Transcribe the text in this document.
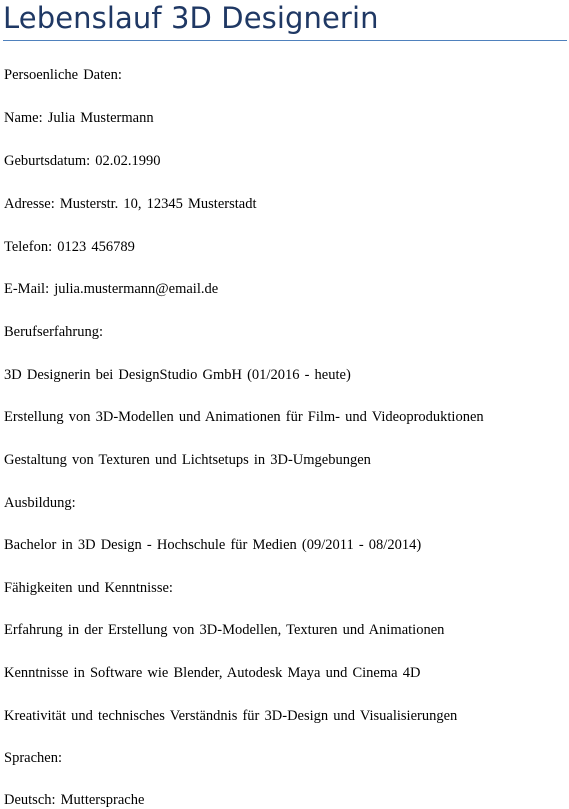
Lebenslauf 3D Designerin

Persoenliche Daten:

Name: Julia Mustermann

Geburtsdatum: 02.02.1990

Adresse: Musterstr. 10, 12345 Musterstadt

Telefon: 0123 456789

E-Mail: julia.mustermann@email.de

Berufserfahrung:

3D Designerin bei DesignStudio GmbH (01/2016 - heute)

Erstellung von 3D-Modellen und Animationen für Film- und Videoproduktionen

Gestaltung von Texturen und Lichtsetups in 3D-Umgebungen

Ausbildung:

Bachelor in 3D Design - Hochschule für Medien (09/2011 - 08/2014)

Fähigkeiten und Kenntnisse:

Erfahrung in der Erstellung von 3D-Modellen, Texturen und Animationen

Kenntnisse in Software wie Blender, Autodesk Maya und Cinema 4D

Kreativität und technisches Verständnis für 3D-Design und Visualisierungen

Sprachen:

Deutsch: Muttersprache
